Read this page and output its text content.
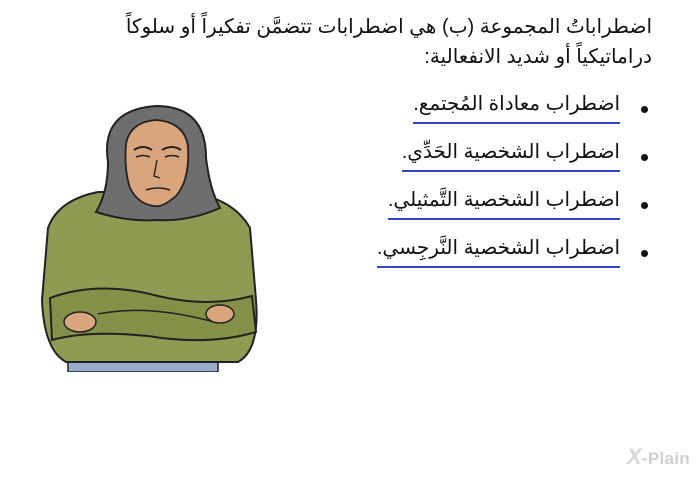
اضطراباتُ المجموعة (ب) هي اضطرابات تتضمَّن تفكيراً أو سلوكاً دراماتيكياً أو شديد الانفعالية:

اضطراب معاداة المُجتمع.
اضطراب الشخصية الحَدِّي.
اضطراب الشخصية التَّمثيلي.
اضطراب الشخصية النَّرجِسي.
X-Plain
